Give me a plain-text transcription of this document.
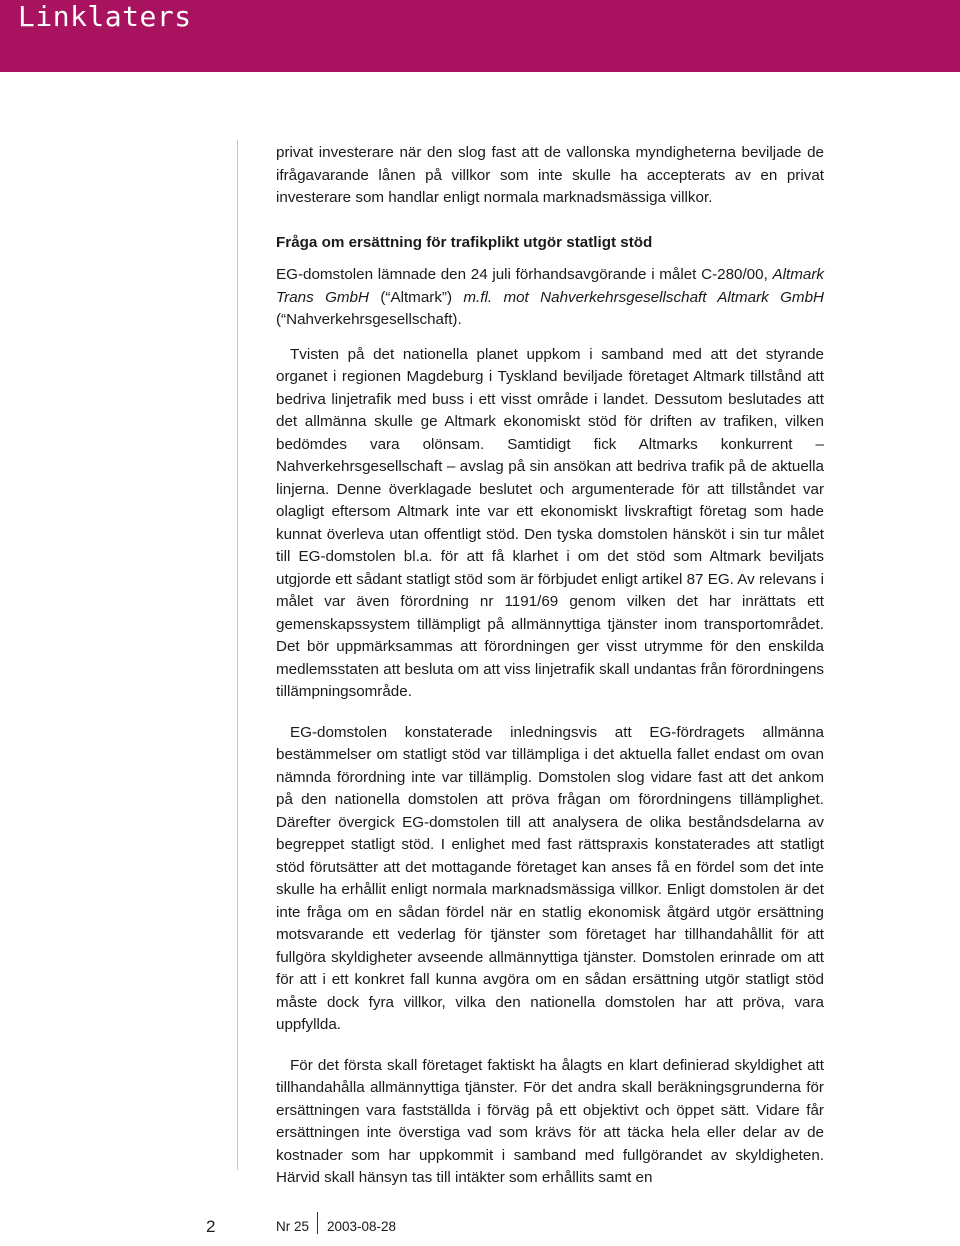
Linklaters

privat investerare när den slog fast att de vallonska myndigheterna beviljade de ifrågavarande lånen på villkor som inte skulle ha accepterats av en privat investerare som handlar enligt normala marknadsmässiga villkor.

Fråga om ersättning för trafikplikt utgör statligt stöd

EG-domstolen lämnade den 24 juli förhandsavgörande i målet C-280/00, Altmark Trans GmbH (“Altmark”) m.fl. mot Nahverkehrsgesellschaft Altmark GmbH (“Nahverkehrsgesellschaft).

Tvisten på det nationella planet uppkom i samband med att det styrande organet i regionen Magdeburg i Tyskland beviljade företaget Altmark tillstånd att bedriva linjetrafik med buss i ett visst område i landet. Dessutom beslutades att det allmänna skulle ge Altmark ekonomiskt stöd för driften av trafiken, vilken bedömdes vara olönsam. Samtidigt fick Altmarks konkurrent – Nahverkehrsgesellschaft – avslag på sin ansökan att bedriva trafik på de aktuella linjerna. Denne överklagade beslutet och argumenterade för att tillståndet var olagligt eftersom Altmark inte var ett ekonomiskt livskraftigt företag som hade kunnat överleva utan offentligt stöd. Den tyska domstolen hänsköt i sin tur målet till EG-domstolen bl.a. för att få klarhet i om det stöd som Altmark beviljats utgjorde ett sådant statligt stöd som är förbjudet enligt artikel 87 EG. Av relevans i målet var även förordning nr 1191/69 genom vilken det har inrättats ett gemenskapssystem tillämpligt på allmännyttiga tjänster inom transportområdet. Det bör uppmärksammas att förordningen ger visst utrymme för den enskilda medlemsstaten att besluta om att viss linjetrafik skall undantas från förordningens tillämpningsområde.

EG-domstolen konstaterade inledningsvis att EG-fördragets allmänna bestämmelser om statligt stöd var tillämpliga i det aktuella fallet endast om ovan nämnda förordning inte var tillämplig. Domstolen slog vidare fast att det ankom på den nationella domstolen att pröva frågan om förordningens tillämplighet. Därefter övergick EG-domstolen till att analysera de olika beståndsdelarna av begreppet statligt stöd. I enlighet med fast rättspraxis konstaterades att statligt stöd förutsätter att det mottagande företaget kan anses få en fördel som det inte skulle ha erhållit enligt normala marknadsmässiga villkor. Enligt domstolen är det inte fråga om en sådan fördel när en statlig ekonomisk åtgärd utgör ersättning motsvarande ett vederlag för tjänster som företaget har tillhandahållit för att fullgöra skyldigheter avseende allmännyttiga tjänster. Domstolen erinrade om att för att i ett konkret fall kunna avgöra om en sådan ersättning utgör statligt stöd måste dock fyra villkor, vilka den nationella domstolen har att pröva, vara uppfyllda.

För det första skall företaget faktiskt ha ålagts en klart definierad skyldighet att tillhandahålla allmännyttiga tjänster. För det andra skall beräkningsgrunderna för ersättningen vara fastställda i förväg på ett objektivt och öppet sätt. Vidare får ersättningen inte överstiga vad som krävs för att täcka hela eller delar av de kostnader som har uppkommit i samband med fullgörandet av skyldigheten. Härvid skall hänsyn tas till intäkter som erhållits samt en

2	Nr 25 2003-08-28
